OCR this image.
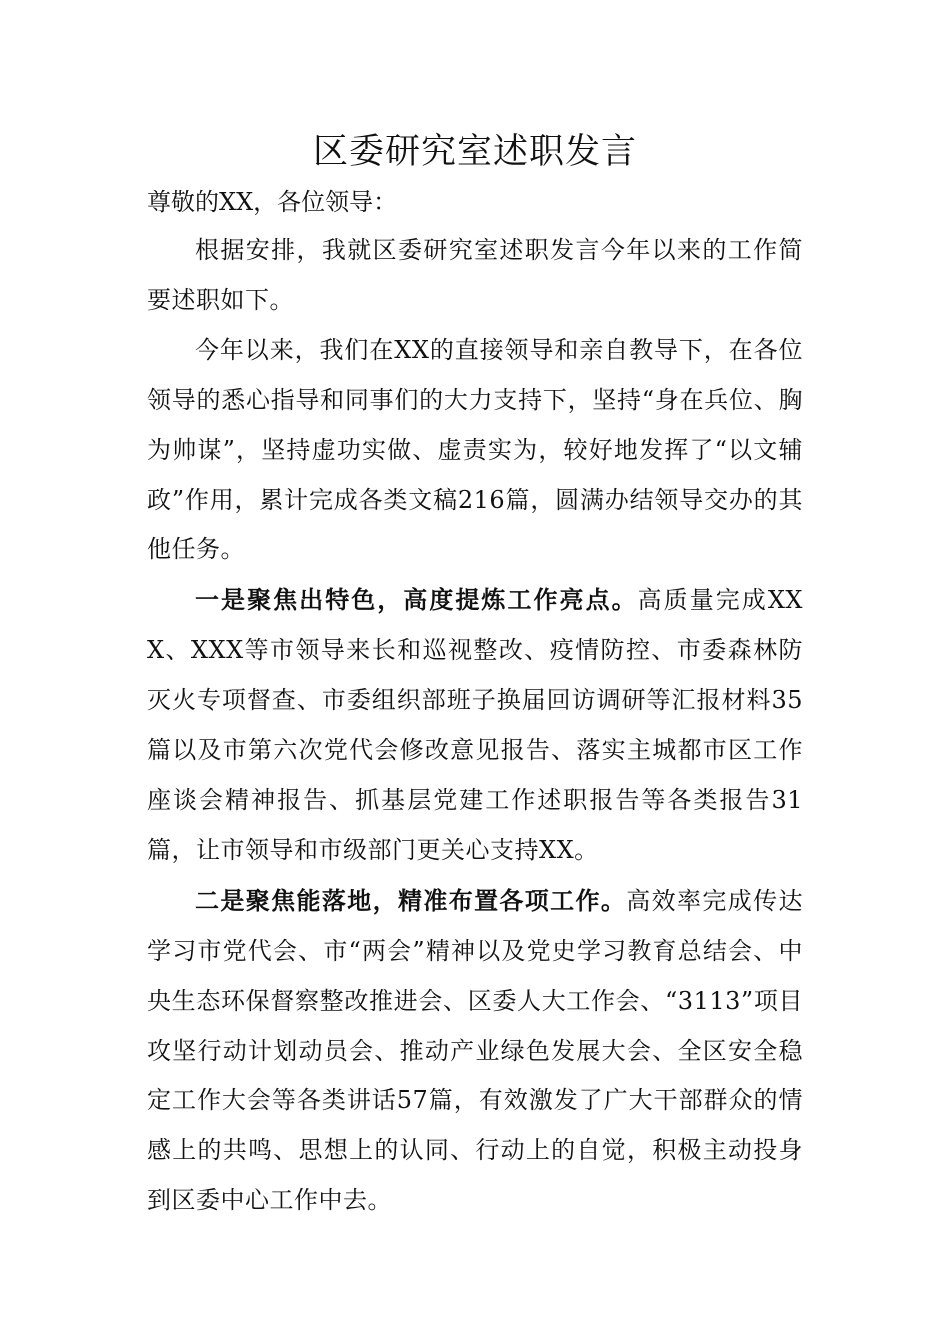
区委研究室述职发言

尊敬的XX，各位领导：

根据安排，我就区委研究室述职发言今年以来的工作简要述职如下。

今年以来，我们在XX的直接领导和亲自教导下，在各位领导的悉心指导和同事们的大力支持下，坚持“身在兵位、胸为帅谋”，坚持虚功实做、虚责实为，较好地发挥了“以文辅政”作用，累计完成各类文稿216篇，圆满办结领导交办的其他任务。

一是聚焦出特色，高度提炼工作亮点。高质量完成XXX、XXX等市领导来长和巡视整改、疫情防控、市委森林防灭火专项督查、市委组织部班子换届回访调研等汇报材料35篇以及市第六次党代会修改意见报告、落实主城都市区工作座谈会精神报告、抓基层党建工作述职报告等各类报告31篇，让市领导和市级部门更关心支持XX。

二是聚焦能落地，精准布置各项工作。高效率完成传达学习市党代会、市“两会”精神以及党史学习教育总结会、中央生态环保督察整改推进会、区委人大工作会、“3113”项目攻坚行动计划动员会、推动产业绿色发展大会、全区安全稳定工作大会等各类讲话57篇，有效激发了广大干部群众的情感上的共鸣、思想上的认同、行动上的自觉，积极主动投身到区委中心工作中去。
